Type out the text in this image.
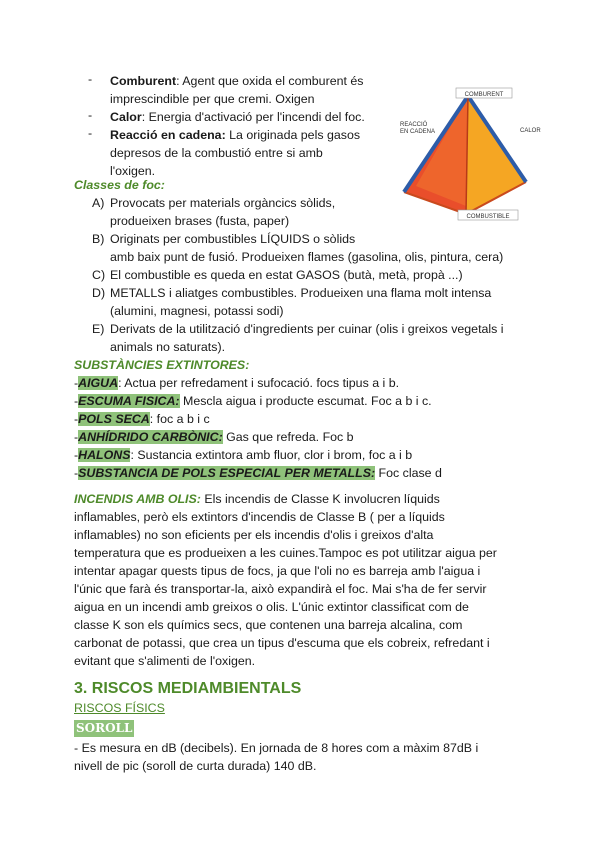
- Comburent: Agent que oxida el comburent és
imprescindible per que cremi. Oxigen
- Calor: Energia d'activació per l'incendi del foc.
- Reacció en cadena: La originada pels gasos
depresos de la combustió entre si amb
l'oxigen.
COMBURENT
REACCIÓ EN CADENA	CALOR
COMBUSTIBLE
Classes de foc:
A) Provocats per materials orgàncics sòlids,
produeixen brases (fusta, paper)
B) Originats per combustibles LÍQUIDS o sòlids
amb baix punt de fusió. Produeixen flames (gasolina, olis, pintura, cera)
C) El combustible es queda en estat GASOS (butà, metà, propà ...)
D) METALLS i aliatges combustibles. Produeixen una flama molt intensa
(alumini, magnesi, potassi sodi)
E) Derivats de la utilització d'ingredients per cuinar (olis i greixos vegetals i
animals no saturats).
SUBSTÀNCIES EXTINTORES:
-AIGUA: Actua per refredament i sufocació. focs tipus a i b.
-ESCUMA FISICA: Mescla aigua i producte escumat. Foc a b i c.
-POLS SECA: foc a b i c
-ANHÍDRIDO CARBÒNIC: Gas que refreda. Foc b
-HALONS: Sustancia extintora amb fluor, clor i brom, foc a i b
-SUBSTANCIA DE POLS ESPECIAL PER METALLS: Foc clase d
INCENDIS AMB OLIS: Els incendis de Classe K involucren líquids
inflamables, però els extintors d'incendis de Classe B ( per a líquids
inflamables) no son eficients per els incendis d'olis i greixos d'alta
temperatura que es produeixen a les cuines.Tampoc es pot utilitzar aigua per
intentar apagar quests tipus de focs, ja que l'oli no es barreja amb l'aigua i
l'únic que farà és transportar-la, això expandirà el foc. Mai s'ha de fer servir
aigua en un incendi amb greixos o olis. L'únic extintor classificat com de
classe K son els químics secs, que contenen una barreja alcalina, com
carbonat de potassi, que crea un tipus d'escuma que els cobreix, refredant i
evitant que s'alimenti de l'oxigen.
3. RISCOS MEDIAMBIENTALS
RISCOS FÍSICS
SOROLL
- Es mesura en dB (decibels). En jornada de 8 hores com a màxim 87dB i
nivell de pic (soroll de curta durada) 140 dB.
